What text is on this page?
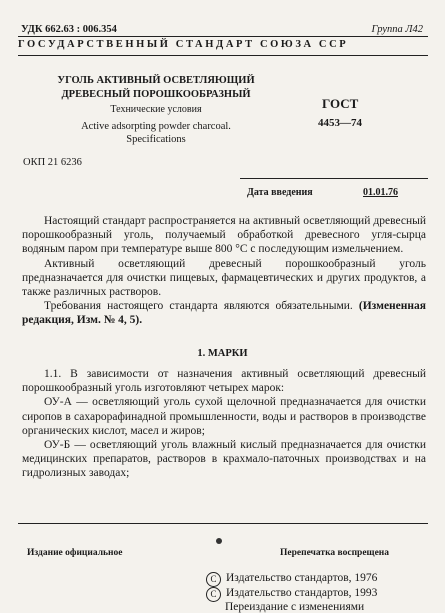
УДК 662.63 : 006.354	Группа Л42
ГОСУДАРСТВЕННЫЙ СТАНДАРТ СОЮЗА ССР
УГОЛЬ АКТИВНЫЙ ОСВЕТЛЯЮЩИЙ
ДРЕВЕСНЫЙ ПОРОШКООБРАЗНЫЙ
Технические условия
Active adsorpting powder charcoal.
Specifications
ГОСТ
4453—74
ОКП 21 6236
Дата введения	01.01.76

Настоящий стандарт распространяется на активный осветляющий древесный порошкообразный уголь, получаемый обработкой древесного угля-сырца водяным паром при температуре выше 800 °С с последующим измельчением.

Активный осветляющий древесный порошкообразный уголь предназначается для очистки пищевых, фармацевтических и других продуктов, а также различных растворов.

Требования настоящего стандарта являются обязательными. (Измененная редакция, Изм. № 4, 5).

1. МАРКИ

1.1. В зависимости от назначения активный осветляющий древесный порошкообразный уголь изготовляют четырех марок:

ОУ-А — осветляющий уголь сухой щелочной предназначается для очистки сиропов в сахарорафинадной промышленности, воды и растворов в производстве органических кислот, масел и жиров;

ОУ-Б — осветляющий уголь влажный кислый предназначается для очистки медицинских препаратов, растворов в крахмало-паточных производствах и на гидролизных заводах;

Издание официальное	Перепечатка воспрещена
С Издательство стандартов, 1976
С Издательство стандартов, 1993
Переиздание с изменениями
